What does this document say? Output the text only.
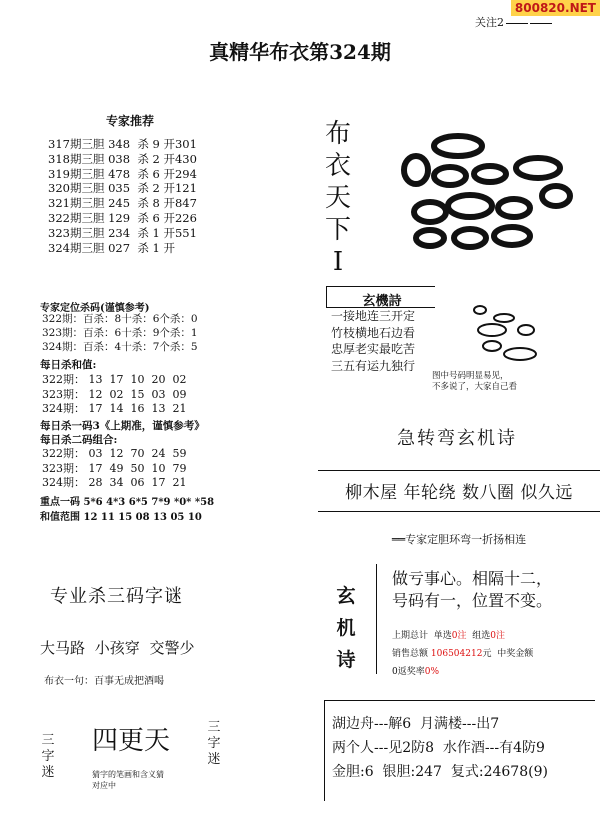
800820.NET
关注2
真精华布衣第324期
专家推荐
317期三胆 348  杀 9 开301
318期三胆 038  杀 2 开430
319期三胆 478  杀 6 开294
320期三胆 035  杀 2 开121
321期三胆 245  杀 8 开847
322期三胆 129  杀 6 开226
323期三胆 234  杀 1 开551
324期三胆 027  杀 1 开
专家定位杀码(谨慎参考)
322期：百杀：8十杀：6个杀：0
323期：百杀：6十杀：9个杀：1
324期：百杀：4十杀：7个杀：5
每日杀和值:
322期： 13  17  10  20  02
323期： 12  02  15  03  09
324期： 17  14  16  13  21
每日杀一码3《上期准，谨慎参考》
每日杀二码组合:
322期： 03  12  70  24  59
323期： 17  49  50  10  79
324期： 28  34  06  17  21
重点一码 5*6 4*3 6*5 7*9 *0* *58
和值范围 12 11 15 08 13 05 10
布
衣
天
下
I
玄機詩
一接地连三开定
竹枝横地石边看
忠厚老实最吃苦
三五有运九独行
图中号码明显易见，
不多说了，大家自己看
急转弯玄机诗
柳木屋 年轮绕 数八圈 似久远
══专家定胆环弯一折扬相连
玄
机
诗
做亏事心。相隔十二，
号码有一，位置不变。
上期总计 单选0注 组选0注
销售总额 106504212元 中奖金额
0返奖率0%
湖边舟---解6  月满楼---出7
两个人---见2防8  水作酒---有4防9
金胆:6  银胆:247  复式:24678(9)
专业杀三码字谜
大马路 小孩穿 交警少
布衣一句：百事无成把酒喝
三
字
迷
四更天
猜字的笔画和含义猜
对应中
三
字
迷
